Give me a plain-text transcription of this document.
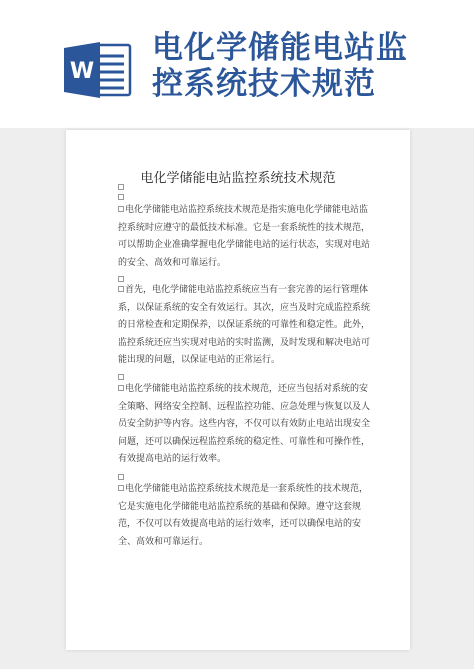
W
电化学储能电站监
控系统技术规范
电化学储能电站监控系统技术规范
电化学储能电站监控系统技术规范是指实施电化学储能电站监控系统时应遵守的最低技术标准。它是一套系统性的技术规范，可以帮助企业准确掌握电化学储能电站的运行状态，实现对电站的安全、高效和可靠运行。
首先，电化学储能电站监控系统应当有一套完善的运行管理体系，以保证系统的安全有效运行。其次，应当及时完成监控系统的日常检查和定期保养，以保证系统的可靠性和稳定性。此外，监控系统还应当实现对电站的实时监测，及时发现和解决电站可能出现的问题，以保证电站的正常运行。
电化学储能电站监控系统的技术规范，还应当包括对系统的安全策略、网络安全控制、远程监控功能、应急处理与恢复以及人员安全防护等内容。这些内容，不仅可以有效防止电站出现安全问题，还可以确保远程监控系统的稳定性、可靠性和可操作性，有效提高电站的运行效率。
电化学储能电站监控系统技术规范是一套系统性的技术规范，它是实施电化学储能电站监控系统的基础和保障。遵守这套规范，不仅可以有效提高电站的运行效率，还可以确保电站的安全、高效和可靠运行。
